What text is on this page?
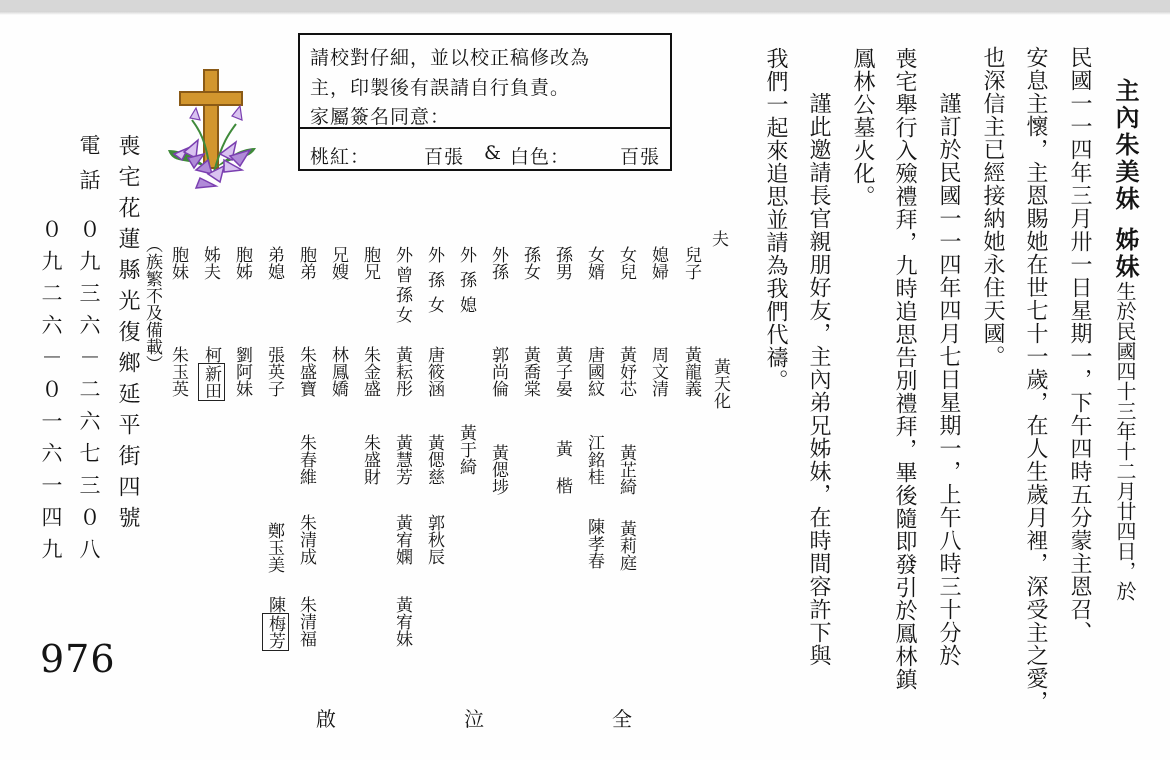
主內朱美妹姊妹生於民國四十三年十二月廿四日，於
民國一一四年三月卅一日星期一，下午四時五分蒙主恩召、
安息主懷，主恩賜她在世七十一歲，在人生歲月裡，深受主之愛，
也深信主已經接納她永住天國。
謹訂於民國一一四年四月七日星期一，上午八時三十分於
喪宅舉行入殮禮拜，九時追思告別禮拜，畢後隨即發引於鳳林鎮
鳳林公墓火化。
謹此邀請長官親朋好友，主內弟兄姊妹，在時間容許下與
我們一起來追思並請為我們代禱。
請校對仔細，並以校正稿修改為
主，印製後有誤請自行負責。
家屬簽名同意：
桃紅：	百張 & 白色：	百張
夫
兒子
黃天化
黃龍義
媳婦
周文清
女兒
黃妤芯
黃芷綺
黃莉庭
女婿
唐國紋
江銘桂
陳孝春
孫男
黃子晏
黃楷
孫女
黃喬棠
外孫
郭尚倫
黃偲埗
外孫媳
黃于綺
外孫女
唐筱涵
黃偲慈
郭秋辰
外曾孫女
黃耘彤
黃慧芳
黃宥嫻
黃宥妹
胞兄
朱金盛
朱盛財
兄嫂
林鳳嬌
胞弟
朱盛寶
朱春維
朱清成
朱清福
弟媳
張英子
鄭玉美
陳梅芳
胞姊
劉阿妹
姊夫
柯新田
胞妹
朱玉英
（族繁不及備載）
喪宅花蓮縣光復鄉延平街四號
電話
０九三六－二六七三０八
０九二六－０一六一四九
976
全
泣
啟
